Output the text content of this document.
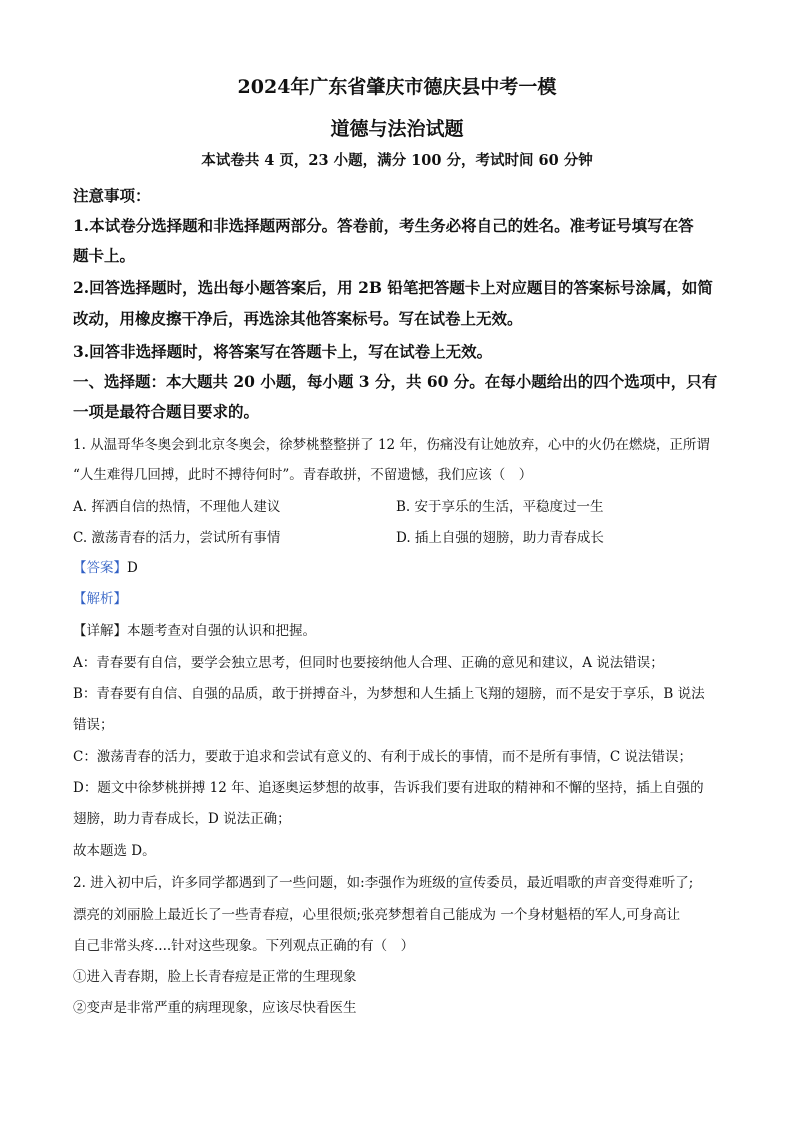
2024年广东省肇庆市德庆县中考一模
道德与法治试题
本试卷共 4 页，23 小题，满分 100 分，考试时间 60 分钟
注意事项：
1.本试卷分选择题和非选择题两部分。答卷前，考生务必将自己的姓名。准考证号填写在答
题卡上。
2.回答选择题时，选出每小题答案后，用 2B 铅笔把答题卡上对应题目的答案标号涂属，如简
改动，用橡皮擦干净后，再选涂其他答案标号。写在试卷上无效。
3.回答非选择题时，将答案写在答题卡上，写在试卷上无效。
一、选择题：本大题共 20 小题，每小题 3 分，共 60 分。在每小题给出的四个选项中，只有
一项是最符合题目要求的。
1. 从温哥华冬奥会到北京冬奥会，徐梦桃整整拼了 12 年，伤痛没有让她放弃，心中的火仍在燃烧，正所谓
“人生难得几回搏，此时不搏待何时”。青春敢拼，不留遗憾，我们应该（　）
A. 挥洒自信的热情，不理他人建议	B. 安于享乐的生活，平稳度过一生
C. 激荡青春的活力，尝试所有事情	D. 插上自强的翅膀，助力青春成长
【答案】D
【解析】
【详解】本题考查对自强的认识和把握。
A：青春要有自信，要学会独立思考，但同时也要接纳他人合理、正确的意见和建议，A 说法错误；
B：青春要有自信、自强的品质，敢于拼搏奋斗，为梦想和人生插上飞翔的翅膀，而不是安于享乐，B 说法
错误；
C：激荡青春的活力，要敢于追求和尝试有意义的、有利于成长的事情，而不是所有事情，C 说法错误；
D：题文中徐梦桃拼搏 12 年、追逐奥运梦想的故事，告诉我们要有进取的精神和不懈的坚持，插上自强的
翅膀，助力青春成长，D 说法正确；
故本题选 D。
2. 进入初中后，许多同学都遇到了一些问题，如:李强作为班级的宣传委员，最近唱歌的声音变得难听了;
漂亮的刘丽脸上最近长了一些青春痘，心里很烦;张亮梦想着自己能成为 一个身材魁梧的军人,可身高让
自己非常头疼....针对这些现象。下列观点正确的有（　）
①进入青春期，脸上长青春痘是正常的生理现象
②变声是非常严重的病理现象，应该尽快看医生
